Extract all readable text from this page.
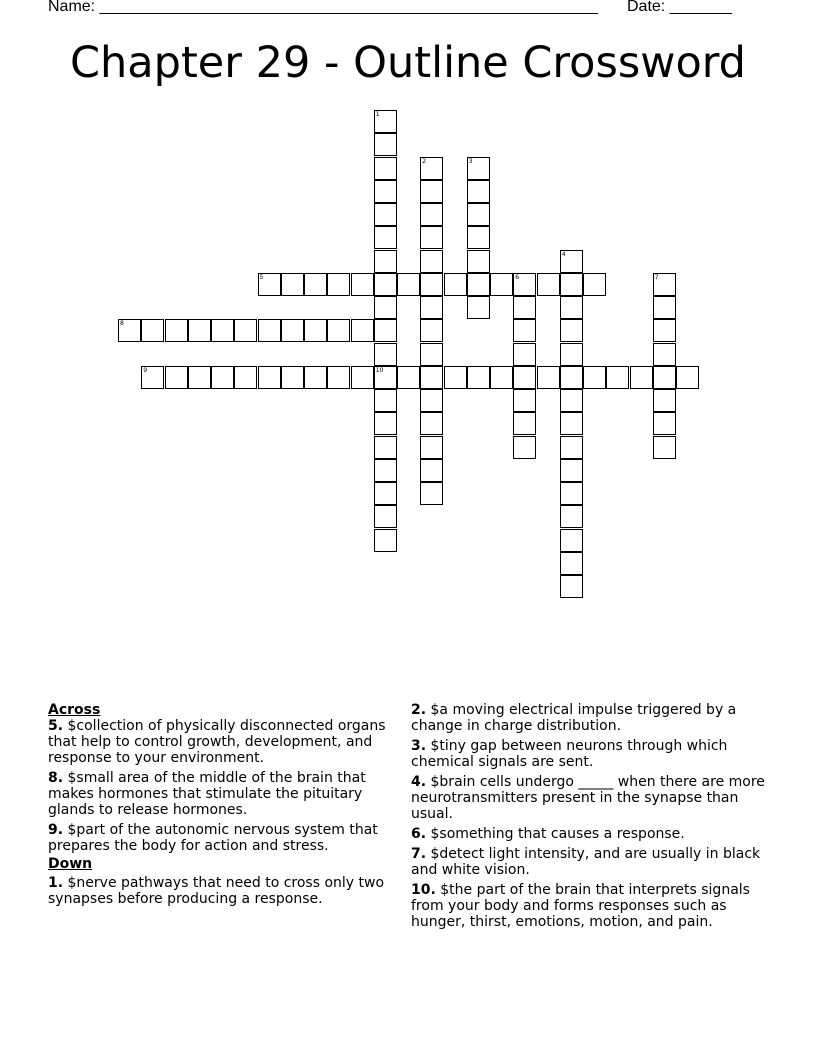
Name: ________________________________________________________ Date: _______
Chapter 29 - Outline Crossword
1
10
2	3
4
5	6	7
8
9
Across
5. $collection of physically disconnected organs that help to control growth, development, and response to your environment.
8. $small area of the middle of the brain that makes hormones that stimulate the pituitary glands to release hormones.
9. $part of the autonomic nervous system that prepares the body for action and stress.
Down
1. $nerve pathways that need to cross only two synapses before producing a response.
2. $a moving electrical impulse triggered by a change in charge distribution.
3. $tiny gap between neurons through which chemical signals are sent.
4. $brain cells undergo _____ when there are more neurotransmitters present in the synapse than usual.
6. $something that causes a response.
7. $detect light intensity, and are usually in black and white vision.
10. $the part of the brain that interprets signals from your body and forms responses such as hunger, thirst, emotions, motion, and pain.
